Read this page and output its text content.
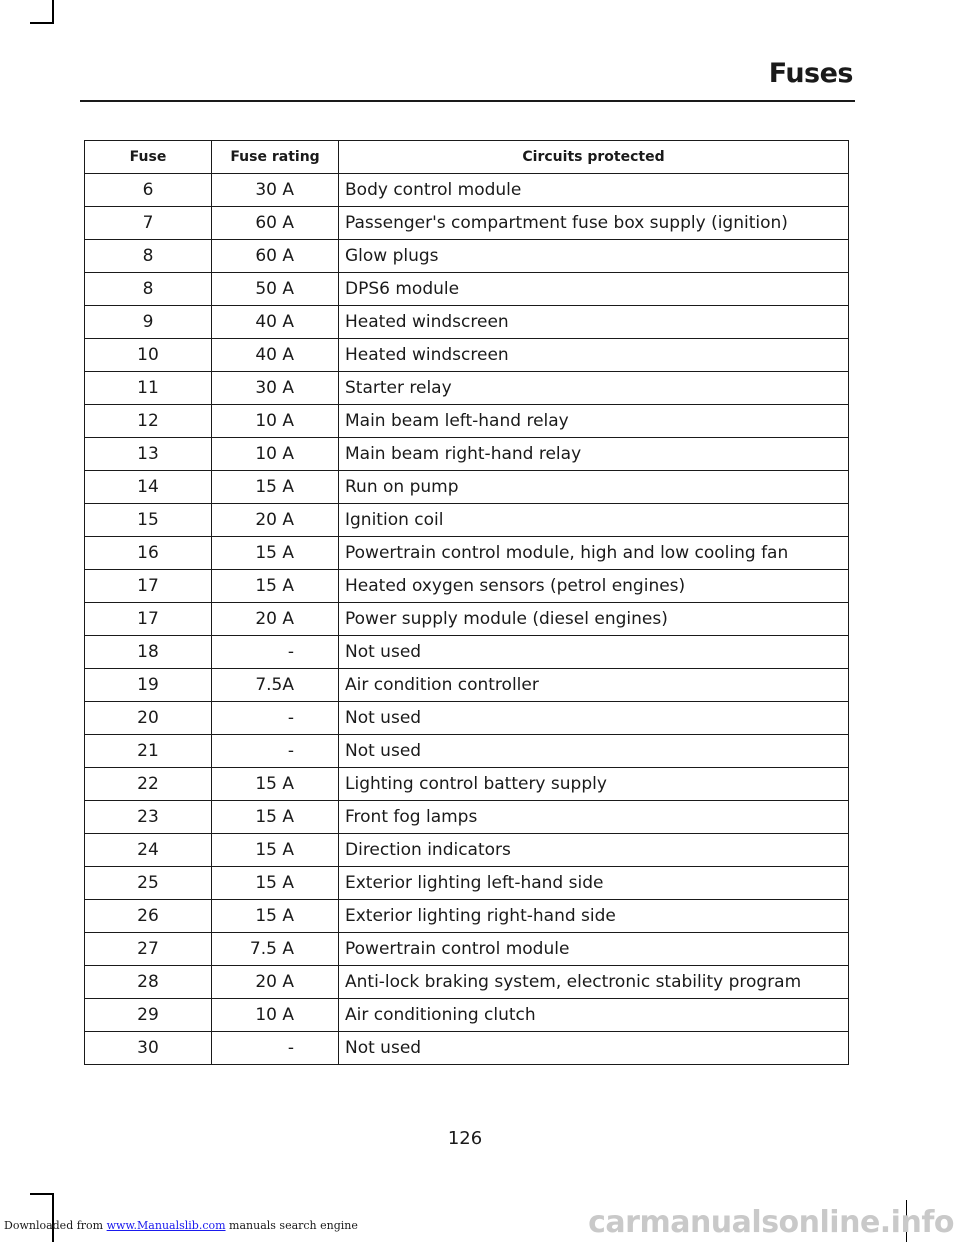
Fuses
Fuse	Fuse rating	Circuits protected
6	30 A	Body control module
7	60 A	Passenger's compartment fuse box supply (ignition)
8	60 A	Glow plugs
8	50 A	DPS6 module
9	40 A	Heated windscreen
10	40 A	Heated windscreen
11	30 A	Starter relay
12	10 A	Main beam left-hand relay
13	10 A	Main beam right-hand relay
14	15 A	Run on pump
15	20 A	Ignition coil
16	15 A	Powertrain control module, high and low cooling fan
17	15 A	Heated oxygen sensors (petrol engines)
17	20 A	Power supply module (diesel engines)
18	-	Not used
19	7.5A	Air condition controller
20	-	Not used
21	-	Not used
22	15 A	Lighting control battery supply
23	15 A	Front fog lamps
24	15 A	Direction indicators
25	15 A	Exterior lighting left-hand side
26	15 A	Exterior lighting right-hand side
27	7.5 A	Powertrain control module
28	20 A	Anti-lock braking system, electronic stability program
29	10 A	Air conditioning clutch
30	-	Not used
126
Downloaded from www.Manualslib.com manuals search engine	carmanualsonline.info
